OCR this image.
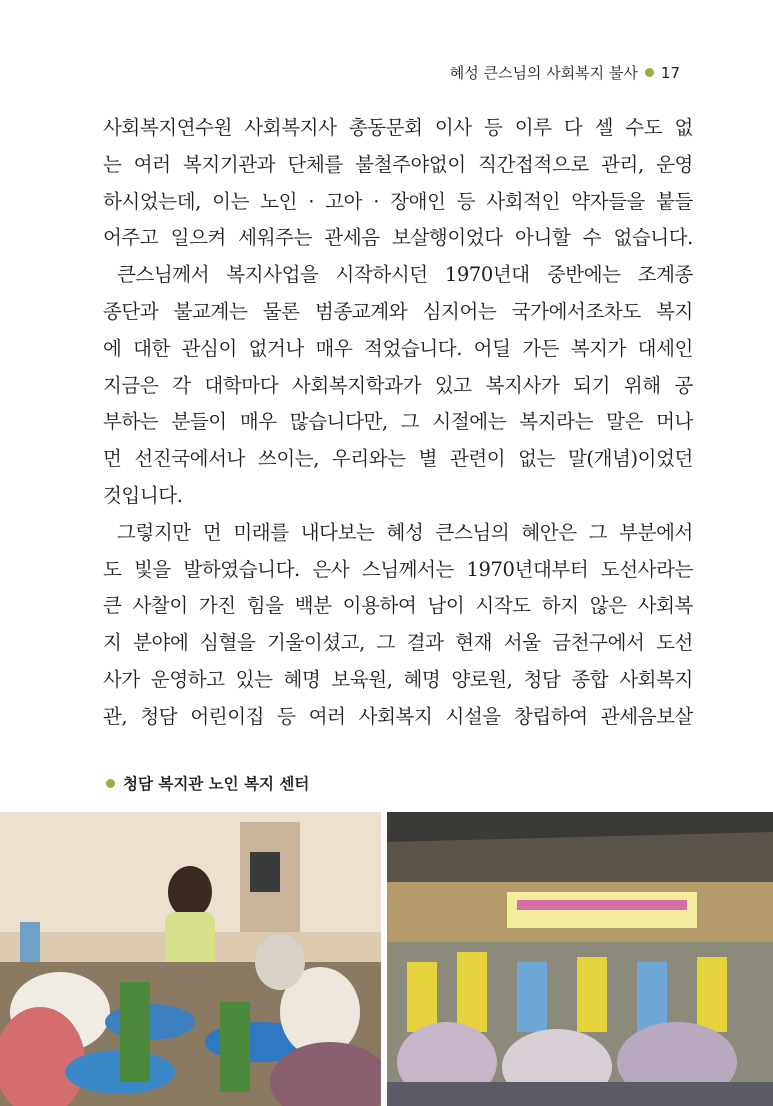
혜성 큰스님의 사회복지 불사 17

사회복지연수원 사회복지사 총동문회 이사 등 이루 다 셀 수도 없
는 여러 복지기관과 단체를 불철주야없이 직간접적으로 관리, 운영
하시었는데, 이는 노인 · 고아 · 장애인 등 사회적인 약자들을 붙들
어주고 일으켜 세워주는 관세음 보살행이었다 아니할 수 없습니다.

큰스님께서 복지사업을 시작하시던 1970년대 중반에는 조계종
종단과 불교계는 물론 범종교계와 심지어는 국가에서조차도 복지
에 대한 관심이 없거나 매우 적었습니다. 어딜 가든 복지가 대세인
지금은 각 대학마다 사회복지학과가 있고 복지사가 되기 위해 공
부하는 분들이 매우 많습니다만, 그 시절에는 복지라는 말은 머나
먼 선진국에서나 쓰이는, 우리와는 별 관련이 없는 말(개념)이었던
것입니다.

그렇지만 먼 미래를 내다보는 혜성 큰스님의 혜안은 그 부분에서
도 빛을 발하였습니다. 은사 스님께서는 1970년대부터 도선사라는
큰 사찰이 가진 힘을 백분 이용하여 남이 시작도 하지 않은 사회복
지 분야에 심혈을 기울이셨고, 그 결과 현재 서울 금천구에서 도선
사가 운영하고 있는 혜명 보육원, 혜명 양로원, 청담 종합 사회복지
관, 청담 어린이집 등 여러 사회복지 시설을 창립하여 관세음보살

청담 복지관 노인 복지 센터
